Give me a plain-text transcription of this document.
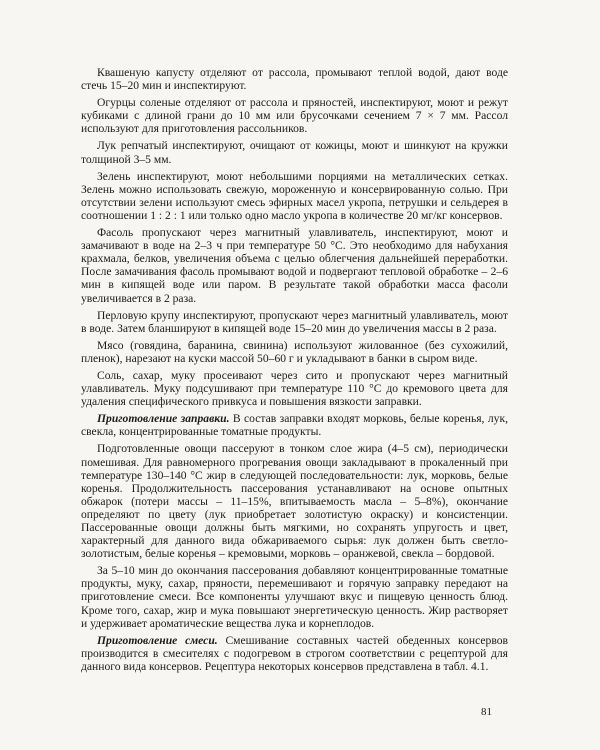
Квашеную капусту отделяют от рассола, промывают теплой водой, дают воде стечь 15–20 мин и инспектируют.

Огурцы соленые отделяют от рассола и пряностей, инспектируют, моют и режут кубиками с длиной грани до 10 мм или брусочками сечением 7 × 7 мм. Рассол используют для приготовления рассольников.

Лук репчатый инспектируют, очищают от кожицы, моют и шинкуют на кружки толщиной 3–5 мм.

Зелень инспектируют, моют небольшими порциями на металлических сетках. Зелень можно использовать свежую, мороженную и консервированную солью. При отсутствии зелени используют смесь эфирных масел укропа, петрушки и сельдерея в соотношении 1 : 2 : 1 или только одно масло укропа в количестве 20 мг/кг консервов.

Фасоль пропускают через магнитный улавливатель, инспектируют, моют и замачивают в воде на 2–3 ч при температуре 50 °С. Это необходимо для набухания крахмала, белков, увеличения объема с целью облегчения дальнейшей переработки. После замачивания фасоль промывают водой и подвергают тепловой обработке – 2–6 мин в кипящей воде или паром. В результате такой обработки масса фасоли увеличивается в 2 раза.

Перловую крупу инспектируют, пропускают через магнитный улавливатель, моют в воде. Затем бланшируют в кипящей воде 15–20 мин до увеличения массы в 2 раза.

Мясо (говядина, баранина, свинина) используют жилованное (без сухожилий, пленок), нарезают на куски массой 50–60 г и укладывают в банки в сыром виде.

Соль, сахар, муку просеивают через сито и пропускают через магнитный улавливатель. Муку подсушивают при температуре 110 °С до кремового цвета для удаления специфического привкуса и повышения вязкости заправки.

Приготовление заправки. В состав заправки входят морковь, белые коренья, лук, свекла, концентрированные томатные продукты.

Подготовленные овощи пассеруют в тонком слое жира (4–5 см), периодически помешивая. Для равномерного прогревания овощи закладывают в прокаленный при температуре 130–140 °С жир в следующей последовательности: лук, морковь, белые коренья. Продолжительность пассерования устанавливают на основе опытных обжарок (потери массы – 11–15%, впитываемость масла – 5–8%), окончание определяют по цвету (лук приобретает золотистую окраску) и консистенции. Пассерованные овощи должны быть мягкими, но сохранять упругость и цвет, характерный для данного вида обжариваемого сырья: лук должен быть светло-золотистым, белые коренья – кремовыми, морковь – оранжевой, свекла – бордовой.

За 5–10 мин до окончания пассерования добавляют концентрированные томатные продукты, муку, сахар, пряности, перемешивают и горячую заправку передают на приготовление смеси. Все компоненты улучшают вкус и пищевую ценность блюд. Кроме того, сахар, жир и мука повышают энергетическую ценность. Жир растворяет и удерживает ароматические вещества лука и корнеплодов.

Приготовление смеси. Смешивание составных частей обеденных консервов производится в смесителях с подогревом в строгом соответствии с рецептурой для данного вида консервов. Рецептура некоторых консервов представлена в табл. 4.1.

81
